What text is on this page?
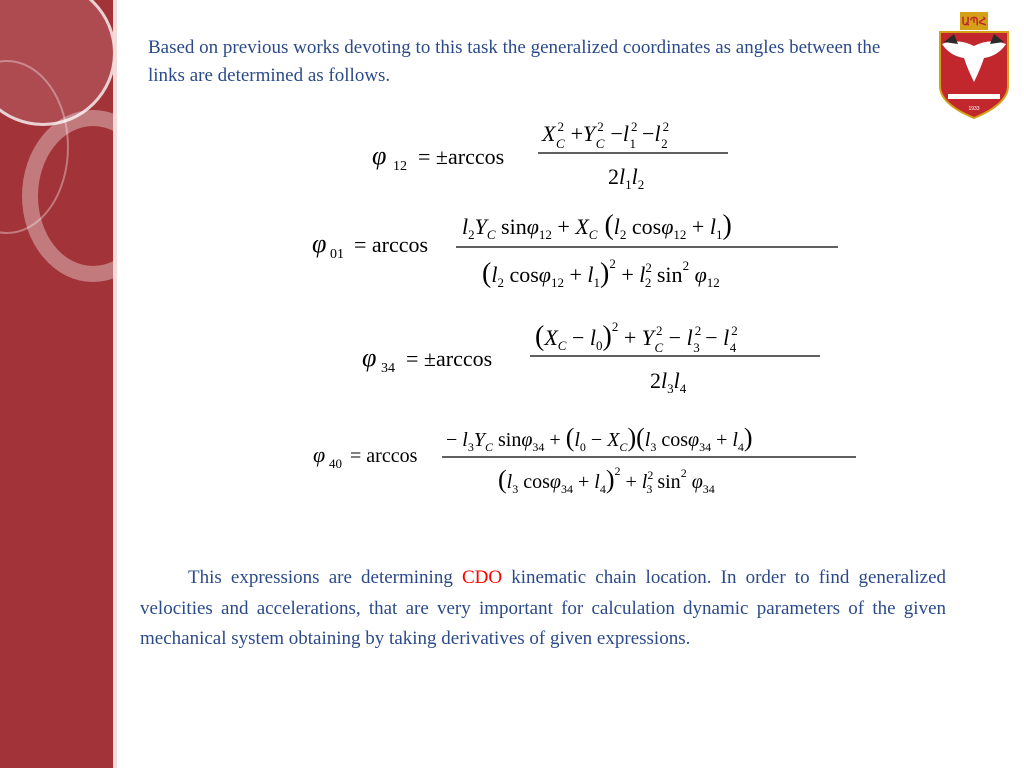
Based on previous works devoting to this task the generalized coordinates as angles between the links are determined as follows.

φ 12 = ±arccos
X $^2$ C +Y $^2$ C −l $^2$ 1 −l $^2$ 2
$2l_1l_2$
φ 01 = arccos
$l_2Y_C$ $\sin\varphi_{12} + X_C$ ($l_2$ $\cos\varphi_{12} + l_1$)
($l_2$ $\cos\varphi_{12} + l_1)^2 + l^2$ 2 $\sin^2 \varphi_{12}$
φ 34 = ±arccos
$(X_C - l_0)^2 + Y$ $^2$ C − l $^2$ 3 − l $^2$ 4
$2l_3l_4$
φ 40 = arccos
− $l_3Y_C$ $\sin\varphi_{34} + (l_0 - X_C)(l_3$ $\cos\varphi_{34} + l_4$)
($l_3$ $\cos\varphi_{34} + l_4)^2 + l^2$ 3 $\sin^2 \varphi_{34}$

This expressions are determining CDO kinematic chain location. In order to find generalized velocities and accelerations, that are very important for calculation dynamic parameters of the given mechanical system obtaining by taking derivatives of given expressions.

ԱՊՀ
1933
